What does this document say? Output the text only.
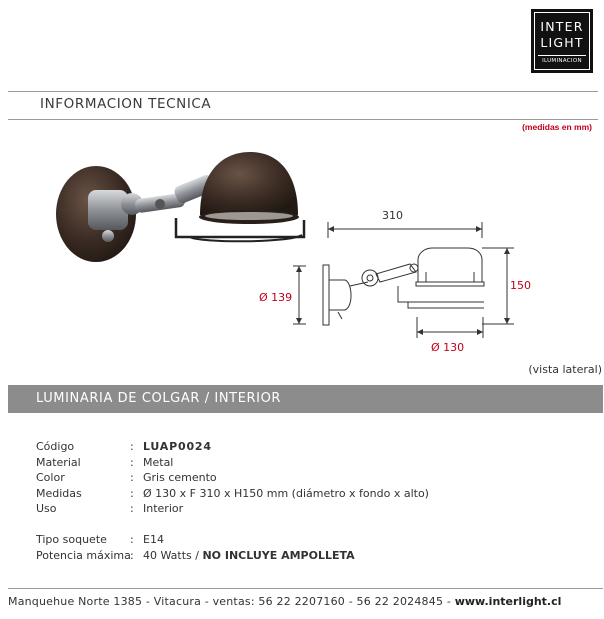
INTER
LIGHT
ILUMINACION
INFORMACION TECNICA
(medidas en mm)
310
150
Ø 139
Ø 130
(vista lateral)
LUMINARIA DE COLGAR / INTERIOR
Código	: LUAP0024
Material	: Metal
Color	: Gris cemento
Medidas	: Ø 130 x F 310 x H150 mm (diámetro x fondo x alto)
Uso	: Interior
Tipo soquete : E14
Potencia máxima : 40 Watts / NO INCLUYE AMPOLLETA
Manquehue Norte 1385 - Vitacura - ventas: 56 22 2207160 - 56 22 2024845 - www.interlight.cl
